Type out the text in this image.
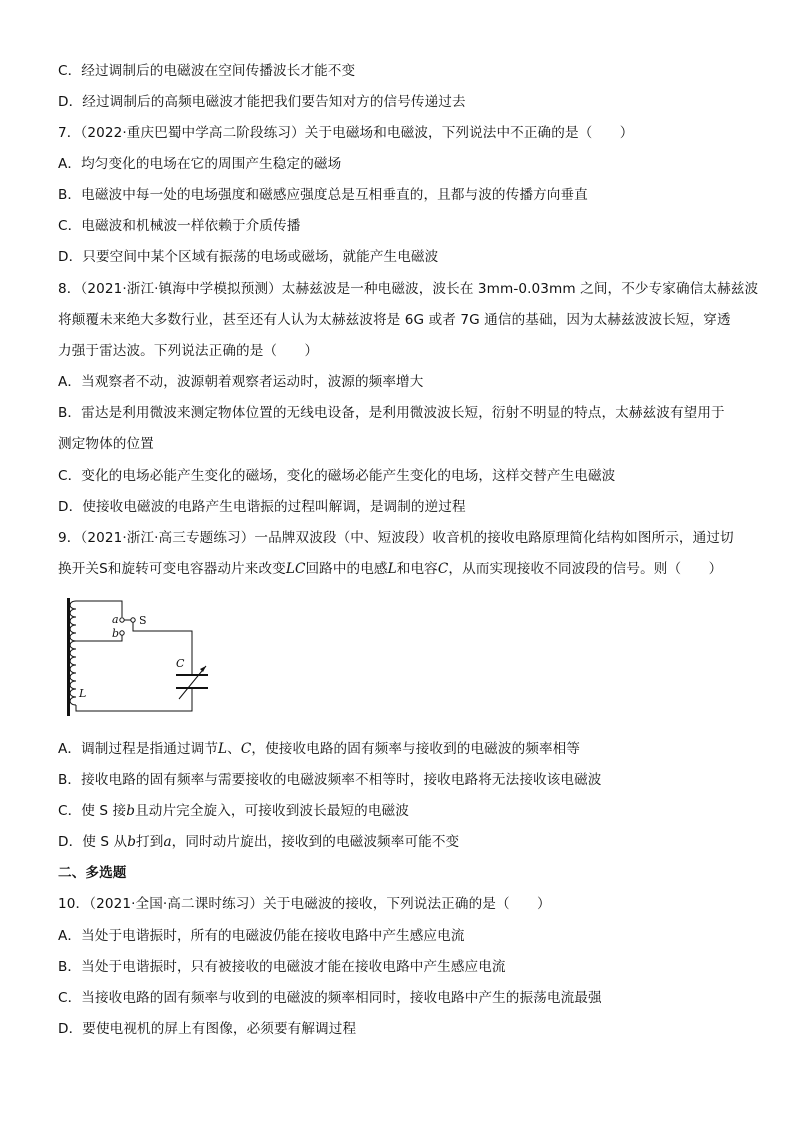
C．经过调制后的电磁波在空间传播波长才能不变
D．经过调制后的高频电磁波才能把我们要告知对方的信号传递过去
7．（2022·重庆巴蜀中学高二阶段练习）关于电磁场和电磁波，下列说法中不正确的是（　　）
A．均匀变化的电场在它的周围产生稳定的磁场
B．电磁波中每一处的电场强度和磁感应强度总是互相垂直的，且都与波的传播方向垂直
C．电磁波和机械波一样依赖于介质传播
D．只要空间中某个区域有振荡的电场或磁场，就能产生电磁波
8．（2021·浙江·镇海中学模拟预测）太赫兹波是一种电磁波，波长在 3mm-0.03mm 之间，不少专家确信太赫兹波
将颠覆未来绝大多数行业，甚至还有人认为太赫兹波将是 6G 或者 7G 通信的基础，因为太赫兹波波长短，穿透
力强于雷达波。下列说法正确的是（　　）
A．当观察者不动，波源朝着观察者运动时，波源的频率增大
B．雷达是利用微波来测定物体位置的无线电设备，是利用微波波长短，衍射不明显的特点，太赫兹波有望用于
测定物体的位置
C．变化的电场必能产生变化的磁场，变化的磁场必能产生变化的电场，这样交替产生电磁波
D．使接收电磁波的电路产生电谐振的过程叫解调，是调制的逆过程
9．（2021·浙江·高三专题练习）一品牌双波段（中、短波段）收音机的接收电路原理简化结构如图所示，通过切
换开关S和旋转可变电容器动片来改变LC回路中的电感L和电容C，从而实现接收不同波段的信号。则（　　）
a
b
S
C
L
A．调制过程是指通过调节L、C，使接收电路的固有频率与接收到的电磁波的频率相等
B．接收电路的固有频率与需要接收的电磁波频率不相等时，接收电路将无法接收该电磁波
C．使 S 接b且动片完全旋入，可接收到波长最短的电磁波
D．使 S 从b打到a，同时动片旋出，接收到的电磁波频率可能不变
二、多选题
10．（2021·全国·高二课时练习）关于电磁波的接收，下列说法正确的是（　　）
A．当处于电谐振时，所有的电磁波仍能在接收电路中产生感应电流
B．当处于电谐振时，只有被接收的电磁波才能在接收电路中产生感应电流
C．当接收电路的固有频率与收到的电磁波的频率相同时，接收电路中产生的振荡电流最强
D．要使电视机的屏上有图像，必须要有解调过程
